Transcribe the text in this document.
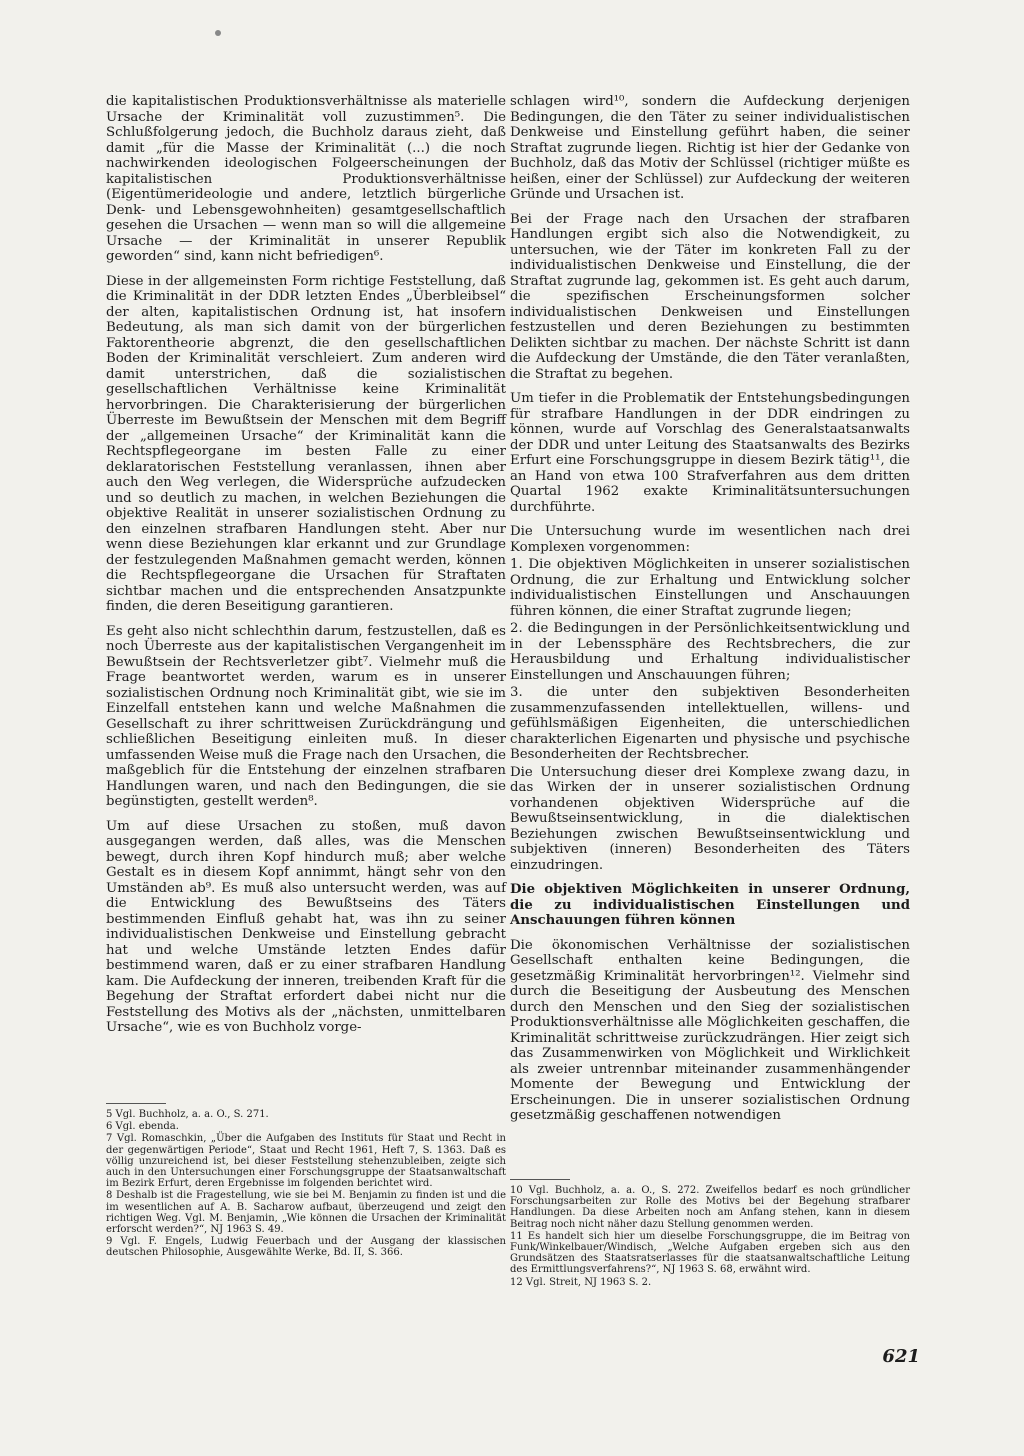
die kapitalistischen Produktionsverhältnisse als materielle Ursache der Kriminalität voll zuzustimmen⁵. Die Schlußfolgerung jedoch, die Buchholz daraus zieht, daß damit „für die Masse der Kriminalität (...) die noch nachwirkenden ideologischen Folgeerscheinungen der kapitalistischen Produktionsverhältnisse (Eigentümerideologie und andere, letztlich bürgerliche Denk- und Lebensgewohnheiten) gesamtgesellschaftlich gesehen die Ursachen — wenn man so will die allgemeine Ursache — der Kriminalität in unserer Republik geworden“ sind, kann nicht befriedigen⁶.

Diese in der allgemeinsten Form richtige Feststellung, daß die Kriminalität in der DDR letzten Endes „Überbleibsel“ der alten, kapitalistischen Ordnung ist, hat insofern Bedeutung, als man sich damit von der bürgerlichen Faktorentheorie abgrenzt, die den gesellschaftlichen Boden der Kriminalität verschleiert. Zum anderen wird damit unterstrichen, daß die sozialistischen gesellschaftlichen Verhältnisse keine Kriminalität hervorbringen. Die Charakterisierung der bürgerlichen Überreste im Bewußtsein der Menschen mit dem Begriff der „allgemeinen Ursache“ der Kriminalität kann die Rechtspflegeorgane im besten Falle zu einer deklaratorischen Feststellung veranlassen, ihnen aber auch den Weg verlegen, die Widersprüche aufzudecken und so deutlich zu machen, in welchen Beziehungen die objektive Realität in unserer sozialistischen Ordnung zu den einzelnen strafbaren Handlungen steht. Aber nur wenn diese Beziehungen klar erkannt und zur Grundlage der festzulegenden Maßnahmen gemacht werden, können die Rechtspflegeorgane die Ursachen für Straftaten sichtbar machen und die entsprechenden Ansatzpunkte finden, die deren Beseitigung garantieren.

Es geht also nicht schlechthin darum, festzustellen, daß es noch Überreste aus der kapitalistischen Vergangenheit im Bewußtsein der Rechtsverletzer gibt⁷. Vielmehr muß die Frage beantwortet werden, warum es in unserer sozialistischen Ordnung noch Kriminalität gibt, wie sie im Einzelfall entstehen kann und welche Maßnahmen die Gesellschaft zu ihrer schrittweisen Zurückdrängung und schließlichen Beseitigung einleiten muß. In dieser umfassenden Weise muß die Frage nach den Ursachen, die maßgeblich für die Entstehung der einzelnen strafbaren Handlungen waren, und nach den Bedingungen, die sie begünstigten, gestellt werden⁸.

Um auf diese Ursachen zu stoßen, muß davon ausgegangen werden, daß alles, was die Menschen bewegt, durch ihren Kopf hindurch muß; aber welche Gestalt es in diesem Kopf annimmt, hängt sehr von den Umständen ab⁹. Es muß also untersucht werden, was auf die Entwicklung des Bewußtseins des Täters bestimmenden Einfluß gehabt hat, was ihn zu seiner individualistischen Denkweise und Einstellung gebracht hat und welche Umstände letzten Endes dafür bestimmend waren, daß er zu einer strafbaren Handlung kam. Die Aufdeckung der inneren, treibenden Kraft für die Begehung der Straftat erfordert dabei nicht nur die Feststellung des Motivs als der „nächsten, unmittelbaren Ursache“, wie es von Buchholz vorge-

schlagen wird¹⁰, sondern die Aufdeckung derjenigen Bedingungen, die den Täter zu seiner individualistischen Denkweise und Einstellung geführt haben, die seiner Straftat zugrunde liegen. Richtig ist hier der Gedanke von Buchholz, daß das Motiv der Schlüssel (richtiger müßte es heißen, einer der Schlüssel) zur Aufdeckung der weiteren Gründe und Ursachen ist.

Bei der Frage nach den Ursachen der strafbaren Handlungen ergibt sich also die Notwendigkeit, zu untersuchen, wie der Täter im konkreten Fall zu der individualistischen Denkweise und Einstellung, die der Straftat zugrunde lag, gekommen ist. Es geht auch darum, die spezifischen Erscheinungsformen solcher individualistischen Denkweisen und Einstellungen festzustellen und deren Beziehungen zu bestimmten Delikten sichtbar zu machen. Der nächste Schritt ist dann die Aufdeckung der Umstände, die den Täter veranlaßten, die Straftat zu begehen.

Um tiefer in die Problematik der Entstehungsbedingungen für strafbare Handlungen in der DDR eindringen zu können, wurde auf Vorschlag des Generalstaatsanwalts der DDR und unter Leitung des Staatsanwalts des Bezirks Erfurt eine Forschungsgruppe in diesem Bezirk tätig¹¹, die an Hand von etwa 100 Strafverfahren aus dem dritten Quartal 1962 exakte Kriminalitätsuntersuchungen durchführte.

Die Untersuchung wurde im wesentlichen nach drei Komplexen vorgenommen:

1. Die objektiven Möglichkeiten in unserer sozialistischen Ordnung, die zur Erhaltung und Entwicklung solcher individualistischen Einstellungen und Anschauungen führen können, die einer Straftat zugrunde liegen;

2. die Bedingungen in der Persönlichkeitsentwicklung und in der Lebenssphäre des Rechtsbrechers, die zur Herausbildung und Erhaltung individualistischer Einstellungen und Anschauungen führen;

3. die unter den subjektiven Besonderheiten zusammenzufassenden intellektuellen, willens- und gefühlsmäßigen Eigenheiten, die unterschiedlichen charakterlichen Eigenarten und physische und psychische Besonderheiten der Rechtsbrecher.

Die Untersuchung dieser drei Komplexe zwang dazu, in das Wirken der in unserer sozialistischen Ordnung vorhandenen objektiven Widersprüche auf die Bewußtseinsentwicklung, in die dialektischen Beziehungen zwischen Bewußtseinsentwicklung und subjektiven (inneren) Besonderheiten des Täters einzudringen.

Die objektiven Möglichkeiten in unserer Ordnung, die zu individualistischen Einstellungen und Anschauungen führen können

Die ökonomischen Verhältnisse der sozialistischen Gesellschaft enthalten keine Bedingungen, die gesetzmäßig Kriminalität hervorbringen¹². Vielmehr sind durch die Beseitigung der Ausbeutung des Menschen durch den Menschen und den Sieg der sozialistischen Produktionsverhältnisse alle Möglichkeiten geschaffen, die Kriminalität schrittweise zurückzudrängen. Hier zeigt sich das Zusammenwirken von Möglichkeit und Wirklichkeit als zweier untrennbar miteinander zusammenhängender Momente der Bewegung und Entwicklung der Erscheinungen. Die in unserer sozialistischen Ordnung gesetzmäßig geschaffenen notwendigen

5 Vgl. Buchholz, a. a. O., S. 271.

6 Vgl. ebenda.

7 Vgl. Romaschkin, „Über die Aufgaben des Instituts für Staat und Recht in der gegenwärtigen Periode“, Staat und Recht 1961, Heft 7, S. 1363. Daß es völlig unzureichend ist, bei dieser Feststellung stehenzubleiben, zeigte sich auch in den Untersuchungen einer Forschungsgruppe der Staatsanwaltschaft im Bezirk Erfurt, deren Ergebnisse im folgenden berichtet wird.

8 Deshalb ist die Fragestellung, wie sie bei M. Benjamin zu finden ist und die im wesentlichen auf A. B. Sacharow aufbaut, überzeugend und zeigt den richtigen Weg. Vgl. M. Benjamin, „Wie können die Ursachen der Kriminalität erforscht werden?“, NJ 1963 S. 49.

9 Vgl. F. Engels, Ludwig Feuerbach und der Ausgang der klassischen deutschen Philosophie, Ausgewählte Werke, Bd. II, S. 366.

10 Vgl. Buchholz, a. a. O., S. 272. Zweifellos bedarf es noch gründlicher Forschungsarbeiten zur Rolle des Motivs bei der Begehung strafbarer Handlungen. Da diese Arbeiten noch am Anfang stehen, kann in diesem Beitrag noch nicht näher dazu Stellung genommen werden.

11 Es handelt sich hier um dieselbe Forschungsgruppe, die im Beitrag von Funk/Winkelbauer/Windisch, „Welche Aufgaben ergeben sich aus den Grundsätzen des Staatsratserlasses für die staatsanwaltschaftliche Leitung des Ermittlungsverfahrens?“, NJ 1963 S. 68, erwähnt wird.

12 Vgl. Streit, NJ 1963 S. 2.

621
